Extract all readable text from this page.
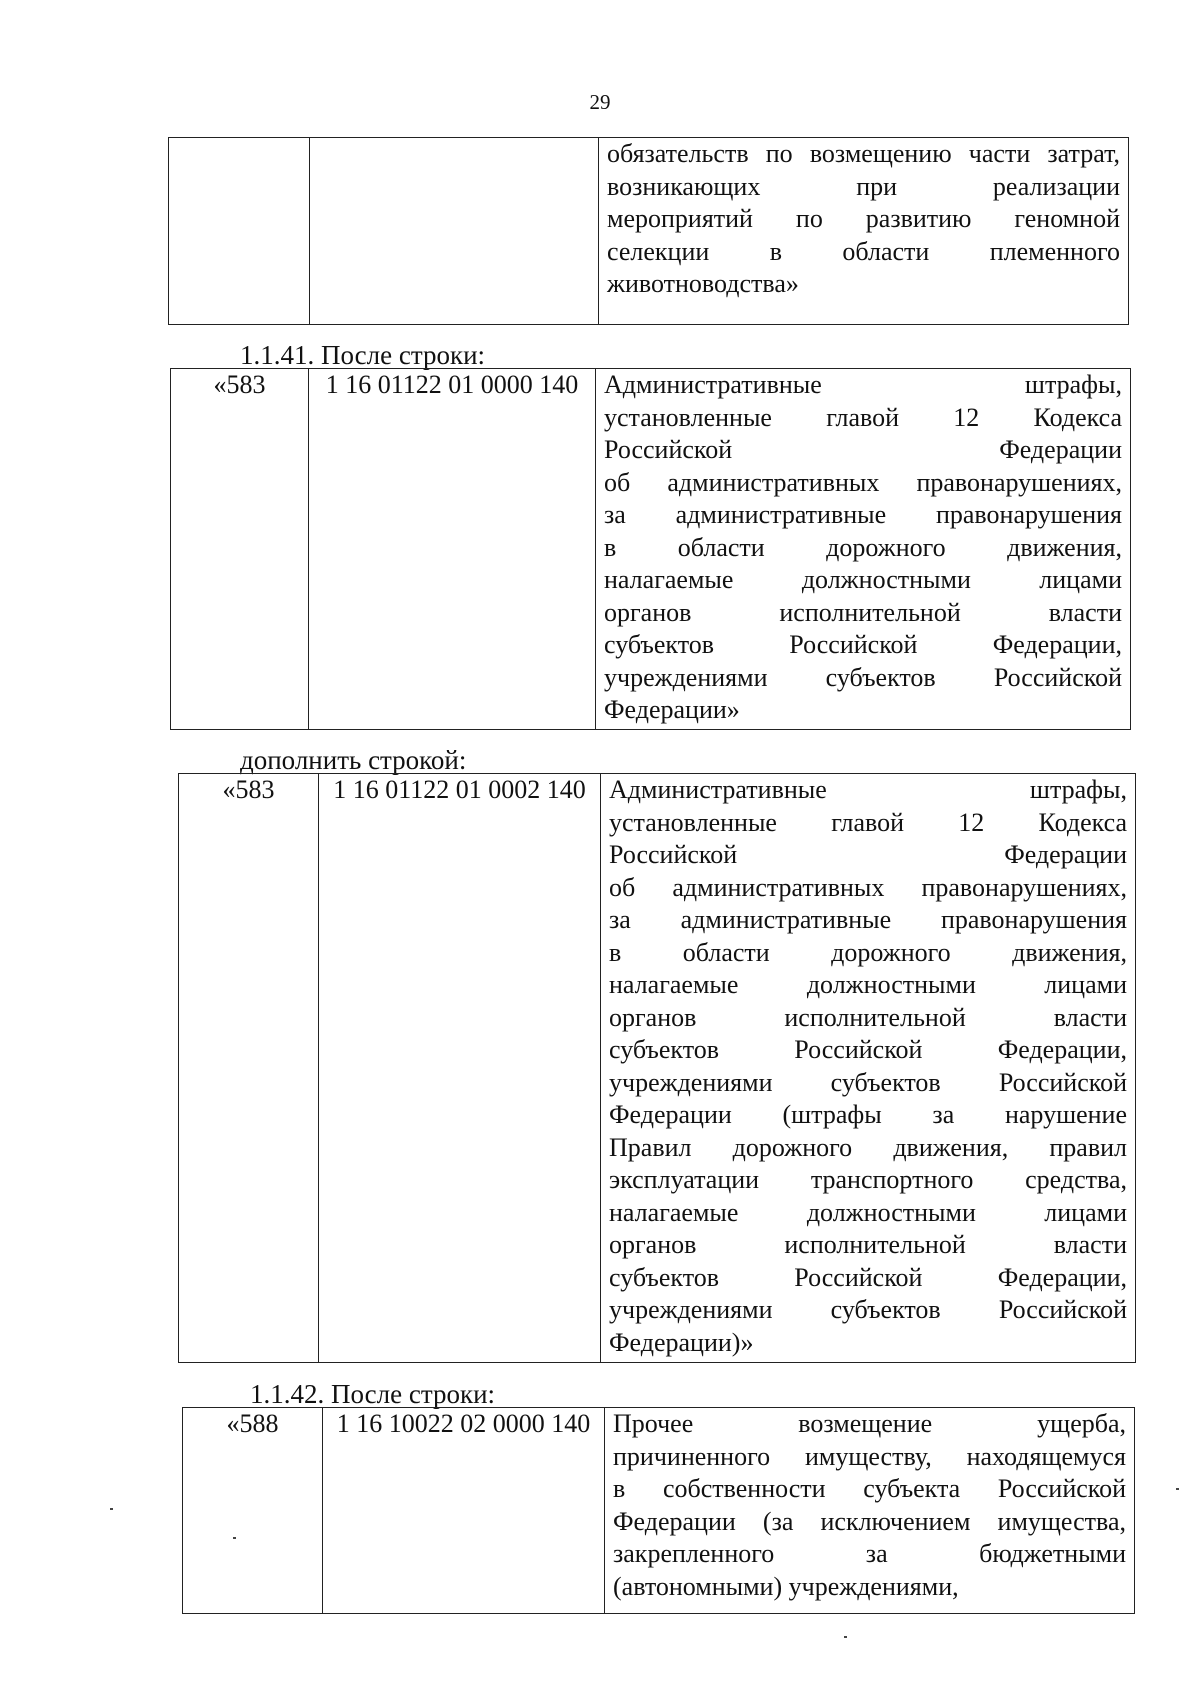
29

обязательств по возмещению части затрат,
возникающих при реализации
мероприятий по развитию геномной
селекции в области племенного
животноводства»
1.1.41. После строки:
«583	1 16 01122 01 0000 140	Административные штрафы,
установленные главой 12 Кодекса
Российской Федерации
об административных правонарушениях,
за административные правонарушения
в области дорожного движения,
налагаемые должностными лицами
органов исполнительной власти
субъектов Российской Федерации,
учреждениями субъектов Российской
Федерации»
дополнить строкой:
«583	1 16 01122 01 0002 140	Административные штрафы,
установленные главой 12 Кодекса
Российской Федерации
об административных правонарушениях,
за административные правонарушения
в области дорожного движения,
налагаемые должностными лицами
органов исполнительной власти
субъектов Российской Федерации,
учреждениями субъектов Российской
Федерации (штрафы за нарушение
Правил дорожного движения, правил
эксплуатации транспортного средства,
налагаемые должностными лицами
органов исполнительной власти
субъектов Российской Федерации,
учреждениями субъектов Российской
Федерации)»
1.1.42. После строки:
«588	1 16 10022 02 0000 140	Прочее возмещение ущерба,
причиненного имуществу, находящемуся
в собственности субъекта Российской
Федерации (за исключением имущества,
закрепленного за бюджетными
(автономными) учреждениями,
